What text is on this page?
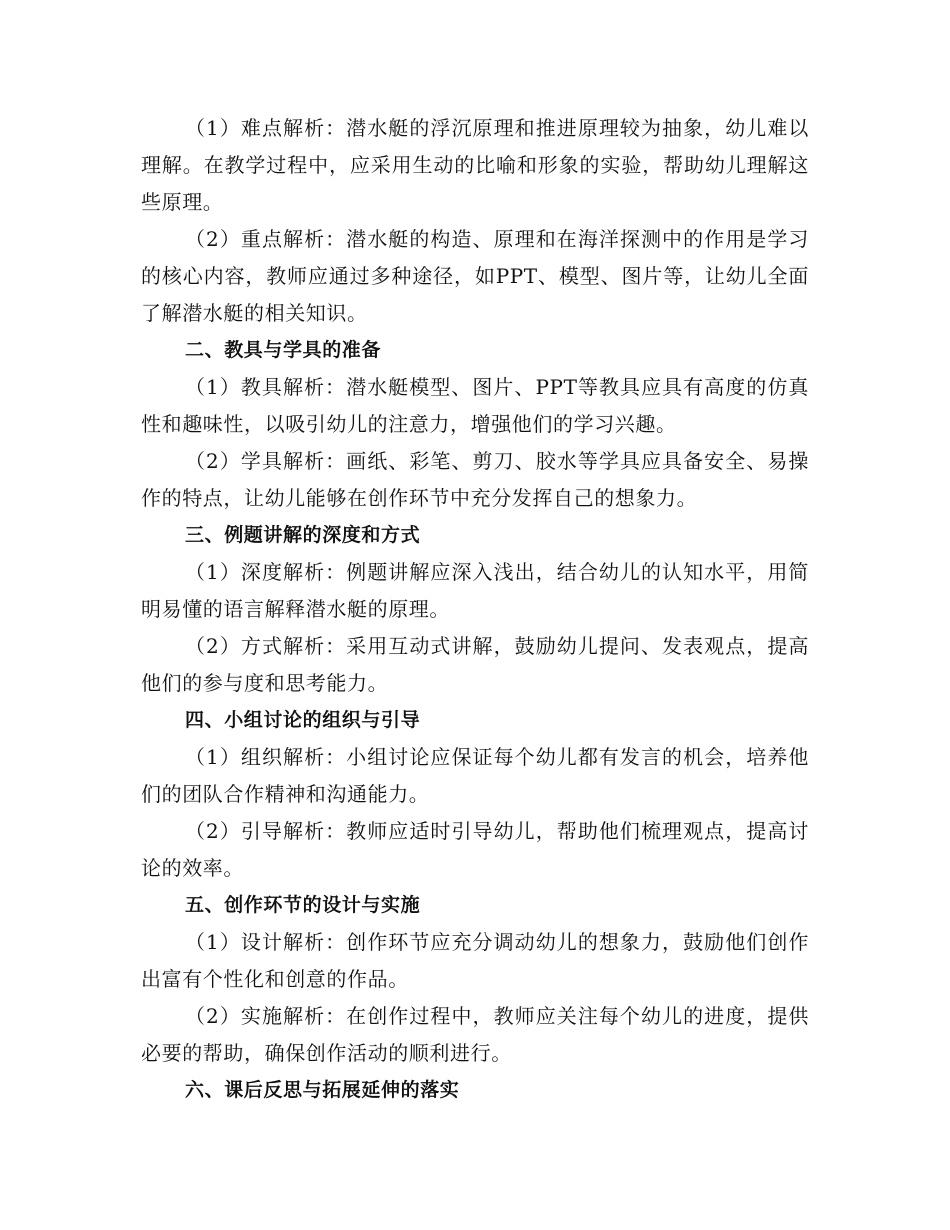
（1）难点解析：潜水艇的浮沉原理和推进原理较为抽象，幼儿难以理解。在教学过程中，应采用生动的比喻和形象的实验，帮助幼儿理解这些原理。

（2）重点解析：潜水艇的构造、原理和在海洋探测中的作用是学习的核心内容，教师应通过多种途径，如PPT、模型、图片等，让幼儿全面了解潜水艇的相关知识。

二、教具与学具的准备

（1）教具解析：潜水艇模型、图片、PPT等教具应具有高度的仿真性和趣味性，以吸引幼儿的注意力，增强他们的学习兴趣。

（2）学具解析：画纸、彩笔、剪刀、胶水等学具应具备安全、易操作的特点，让幼儿能够在创作环节中充分发挥自己的想象力。

三、例题讲解的深度和方式

（1）深度解析：例题讲解应深入浅出，结合幼儿的认知水平，用简明易懂的语言解释潜水艇的原理。

（2）方式解析：采用互动式讲解，鼓励幼儿提问、发表观点，提高他们的参与度和思考能力。

四、小组讨论的组织与引导

（1）组织解析：小组讨论应保证每个幼儿都有发言的机会，培养他们的团队合作精神和沟通能力。

（2）引导解析：教师应适时引导幼儿，帮助他们梳理观点，提高讨论的效率。

五、创作环节的设计与实施

（1）设计解析：创作环节应充分调动幼儿的想象力，鼓励他们创作出富有个性化和创意的作品。

（2）实施解析：在创作过程中，教师应关注每个幼儿的进度，提供必要的帮助，确保创作活动的顺利进行。

六、课后反思与拓展延伸的落实
